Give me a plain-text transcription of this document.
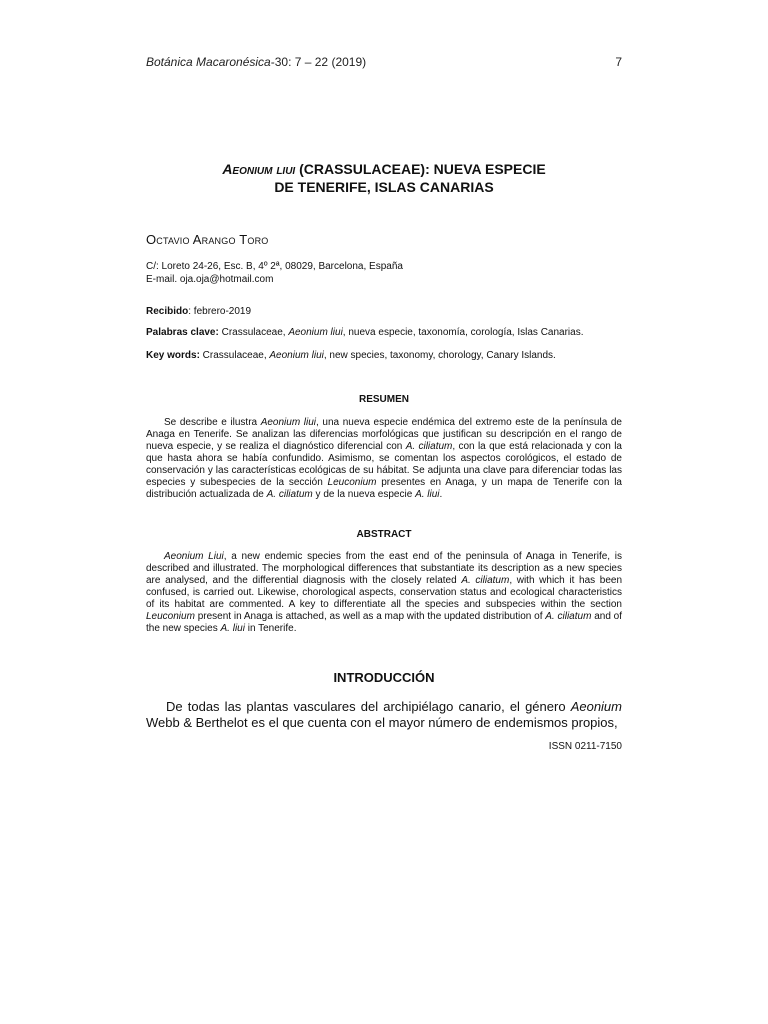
Botánica Macaronésica-30: 7 – 22 (2019)	7
Aeonium liui (CRASSULACEAE): NUEVA ESPECIE
DE TENERIFE, ISLAS CANARIAS
Octavio Arango Toro
C/: Loreto 24-26, Esc. B, 4º 2ª, 08029, Barcelona, España
E-mail. oja.oja@hotmail.com
Recibido: febrero-2019
Palabras clave: Crassulaceae, Aeonium liui, nueva especie, taxonomía, corología, Islas Canarias.
Key words: Crassulaceae, Aeonium liui, new species, taxonomy, chorology, Canary Islands.
RESUMEN
Se describe e ilustra Aeonium liui, una nueva especie endémica del extremo este de la península de Anaga en Tenerife. Se analizan las diferencias morfológicas que justifican su descripción en el rango de nueva especie, y se realiza el diagnóstico diferencial con A. ciliatum, con la que está relacionada y con la que hasta ahora se había confundido. Asimismo, se comentan los aspectos corológicos, el estado de conservación y las características ecológicas de su hábitat. Se adjunta una clave para diferenciar todas las especies y subespecies de la sección Leuconium presentes en Anaga, y un mapa de Tenerife con la distribución actualizada de A. ciliatum y de la nueva especie A. liui.
ABSTRACT
Aeonium Liui, a new endemic species from the east end of the peninsula of Anaga in Tenerife, is described and illustrated. The morphological differences that substantiate its description as a new species are analysed, and the differential diagnosis with the closely related A. ciliatum, with which it has been confused, is carried out. Likewise, chorological aspects, conservation status and ecological characteristics of its habitat are commented. A key to differentiate all the species and subspecies within the section Leuconium present in Anaga is attached, as well as a map with the updated distribution of A. ciliatum and of the new species A. liui in Tenerife.
INTRODUCCIÓN
De todas las plantas vasculares del archipiélago canario, el género Aeonium Webb & Berthelot es el que cuenta con el mayor número de endemismos propios,
ISSN 0211-7150
